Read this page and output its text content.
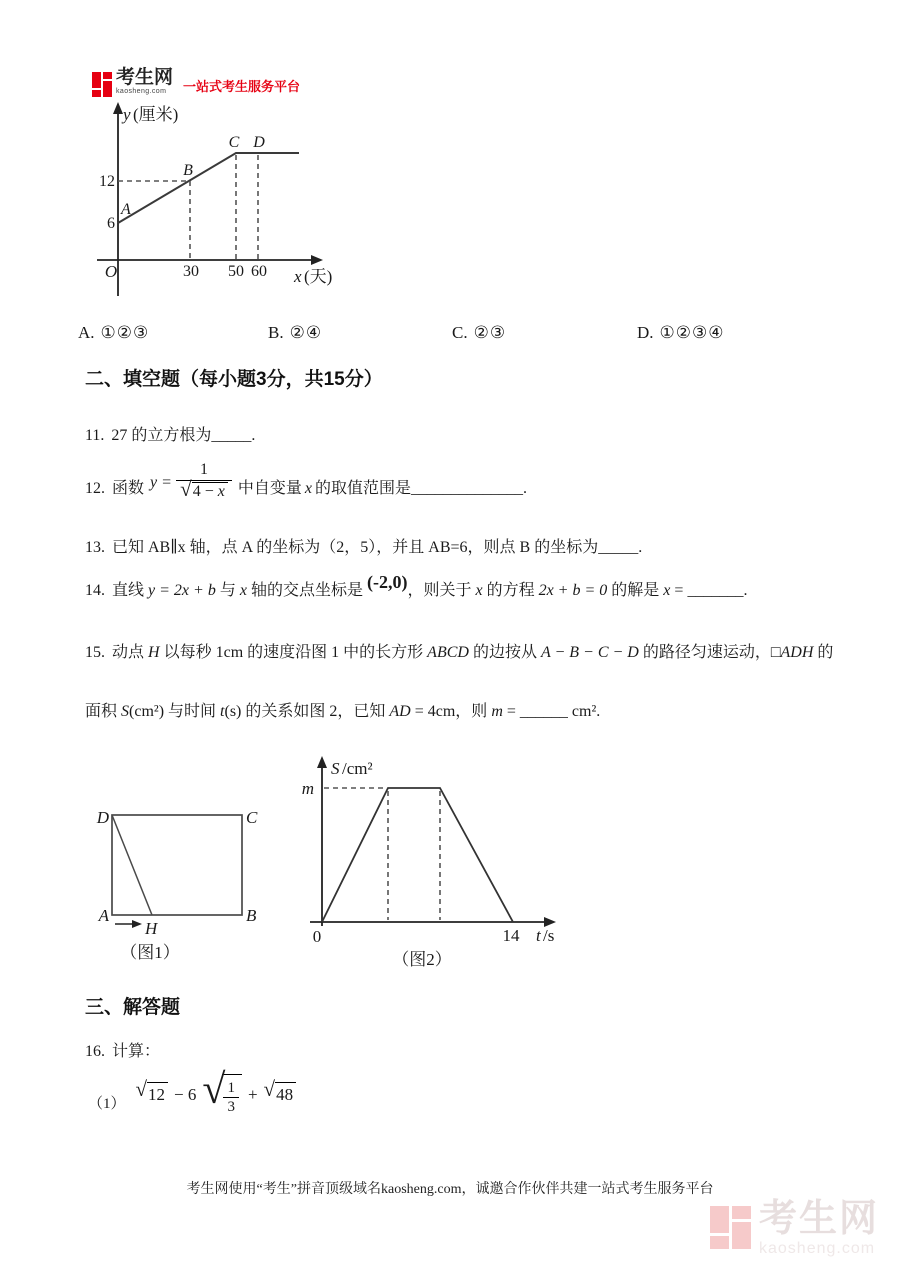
考生网
kaosheng.com	一站式考生服务平台
y (厘米)
x (天)
O
12
6
30 50 60
A
B
C D
A. ①②③	B. ②④	C. ②③	D. ①②③④
二、填空题（每小题3分，共15分）
11. 27 的立方根为_____.
12. 函数 $y = \frac{1}{√ 4 - x}$ 中自变量 x 的取值范围是 ______________ .
13. 已知 AB∥x 轴，点 A 的坐标为（2，5），并且 AB=6，则点 B 的坐标为_____.
14. 直线 y = 2x + b 与 x 轴的交点坐标是 (-2,0)，则关于 x 的方程 2x + b = 0 的解是 x = _______.
15. 动点 H 以每秒 1cm 的速度沿图 1 中的长方形 ABCD 的边按从 A − B − C − D 的路径匀速运动，□ADH 的
面积 S(cm²) 与时间 t(s) 的关系如图 2，已知 AD = 4cm，则 m = ______ cm².
D	C
A	B
H
（图1）
S /cm²
m
0	14 t /s
（图2）
三、解答题
16. 计算：
（1）
√ 12 − 6 √
$\frac{1}{3}$ + √ 48
考生网使用“考生”拼音顶级域名kaosheng.com，诚邀合作伙伴共建一站式考生服务平台
考生网
kaosheng.com
